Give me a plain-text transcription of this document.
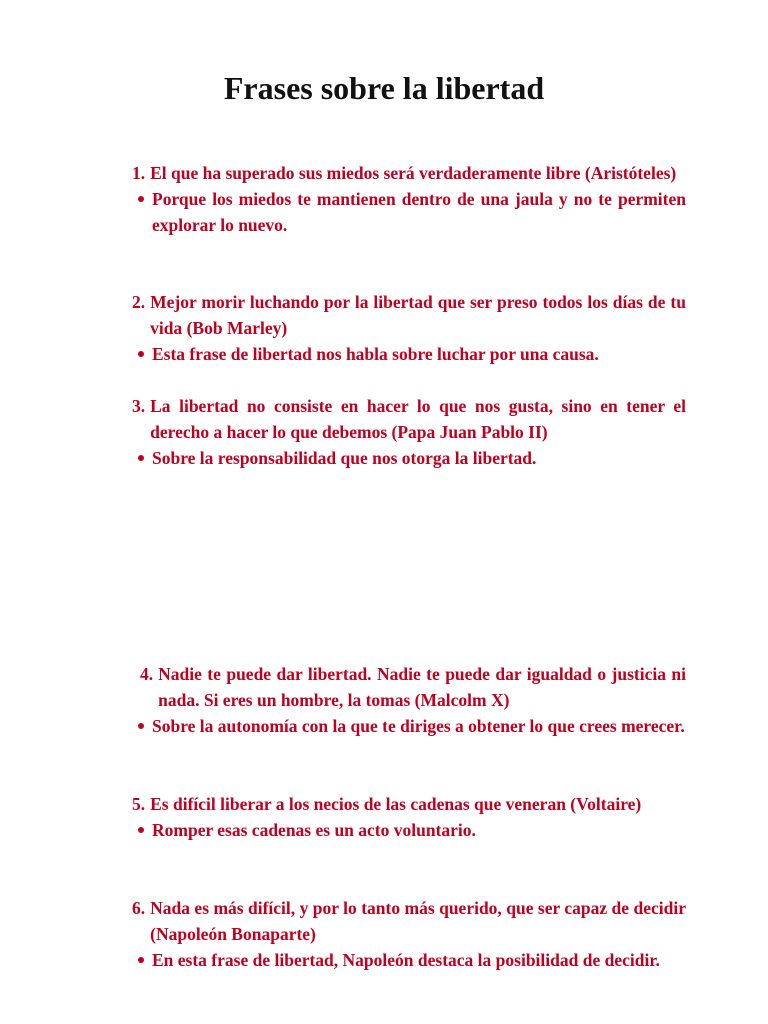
Frases sobre la libertad
1. El que ha superado sus miedos será verdaderamente libre (Aristóteles)
Porque los miedos te mantienen dentro de una jaula y no te permiten explorar lo nuevo.
2. Mejor morir luchando por la libertad que ser preso todos los días de tu vida (Bob Marley)
Esta frase de libertad nos habla sobre luchar por una causa.
3. La libertad no consiste en hacer lo que nos gusta, sino en tener el derecho a hacer lo que debemos (Papa Juan Pablo II)
Sobre la responsabilidad que nos otorga la libertad.
4. Nadie te puede dar libertad. Nadie te puede dar igualdad o justicia ni nada. Si eres un hombre, la tomas (Malcolm X)
Sobre la autonomía con la que te diriges a obtener lo que crees merecer.
5. Es difícil liberar a los necios de las cadenas que veneran (Voltaire)
Romper esas cadenas es un acto voluntario.
6. Nada es más difícil, y por lo tanto más querido, que ser capaz de decidir (Napoleón Bonaparte)
En esta frase de libertad, Napoleón destaca la posibilidad de decidir.
